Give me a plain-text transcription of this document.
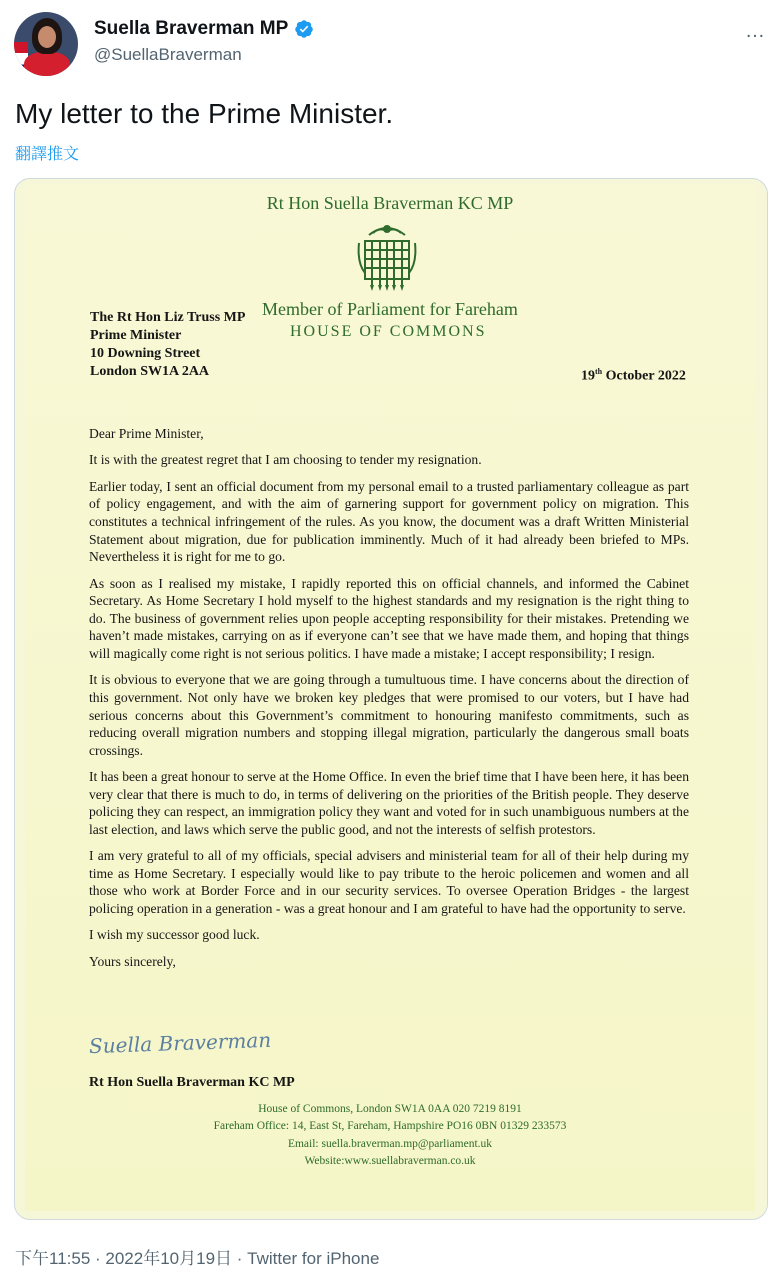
Suella Braverman MP
@SuellaBraverman
…
My letter to the Prime Minister.
翻譯推文
Rt Hon Suella Braverman KC MP
Member of Parliament for Fareham
HOUSE OF COMMONS
The Rt Hon Liz Truss MP
Prime Minister
10 Downing Street
London SW1A 2AA	19th October 2022

Dear Prime Minister,

It is with the greatest regret that I am choosing to tender my resignation.

Earlier today, I sent an official document from my personal email to a trusted parliamentary colleague as part of policy engagement, and with the aim of garnering support for government policy on migration. This constitutes a technical infringement of the rules. As you know, the document was a draft Written Ministerial Statement about migration, due for publication imminently. Much of it had already been briefed to MPs. Nevertheless it is right for me to go.

As soon as I realised my mistake, I rapidly reported this on official channels, and informed the Cabinet Secretary. As Home Secretary I hold myself to the highest standards and my resignation is the right thing to do. The business of government relies upon people accepting responsibility for their mistakes. Pretending we haven’t made mistakes, carrying on as if everyone can’t see that we have made them, and hoping that things will magically come right is not serious politics. I have made a mistake; I accept responsibility; I resign.

It is obvious to everyone that we are going through a tumultuous time. I have concerns about the direction of this government. Not only have we broken key pledges that were promised to our voters, but I have had serious concerns about this Government’s commitment to honouring manifesto commitments, such as reducing overall migration numbers and stopping illegal migration, particularly the dangerous small boats crossings.

It has been a great honour to serve at the Home Office. In even the brief time that I have been here, it has been very clear that there is much to do, in terms of delivering on the priorities of the British people. They deserve policing they can respect, an immigration policy they want and voted for in such unambiguous numbers at the last election, and laws which serve the public good, and not the interests of selfish protestors.

I am very grateful to all of my officials, special advisers and ministerial team for all of their help during my time as Home Secretary. I especially would like to pay tribute to the heroic policemen and women and all those who work at Border Force and in our security services. To oversee Operation Bridges - the largest policing operation in a generation - was a great honour and I am grateful to have had the opportunity to serve.

I wish my successor good luck.

Yours sincerely,

Suella Braverman
Rt Hon Suella Braverman KC MP
House of Commons, London SW1A 0AA 020 7219 8191
Fareham Office: 14, East St, Fareham, Hampshire PO16 0BN 01329 233573
Email: suella.braverman.mp@parliament.uk
Website:www.suellabraverman.co.uk
下午11:55 · 2022年10月19日 · Twitter for iPhone
